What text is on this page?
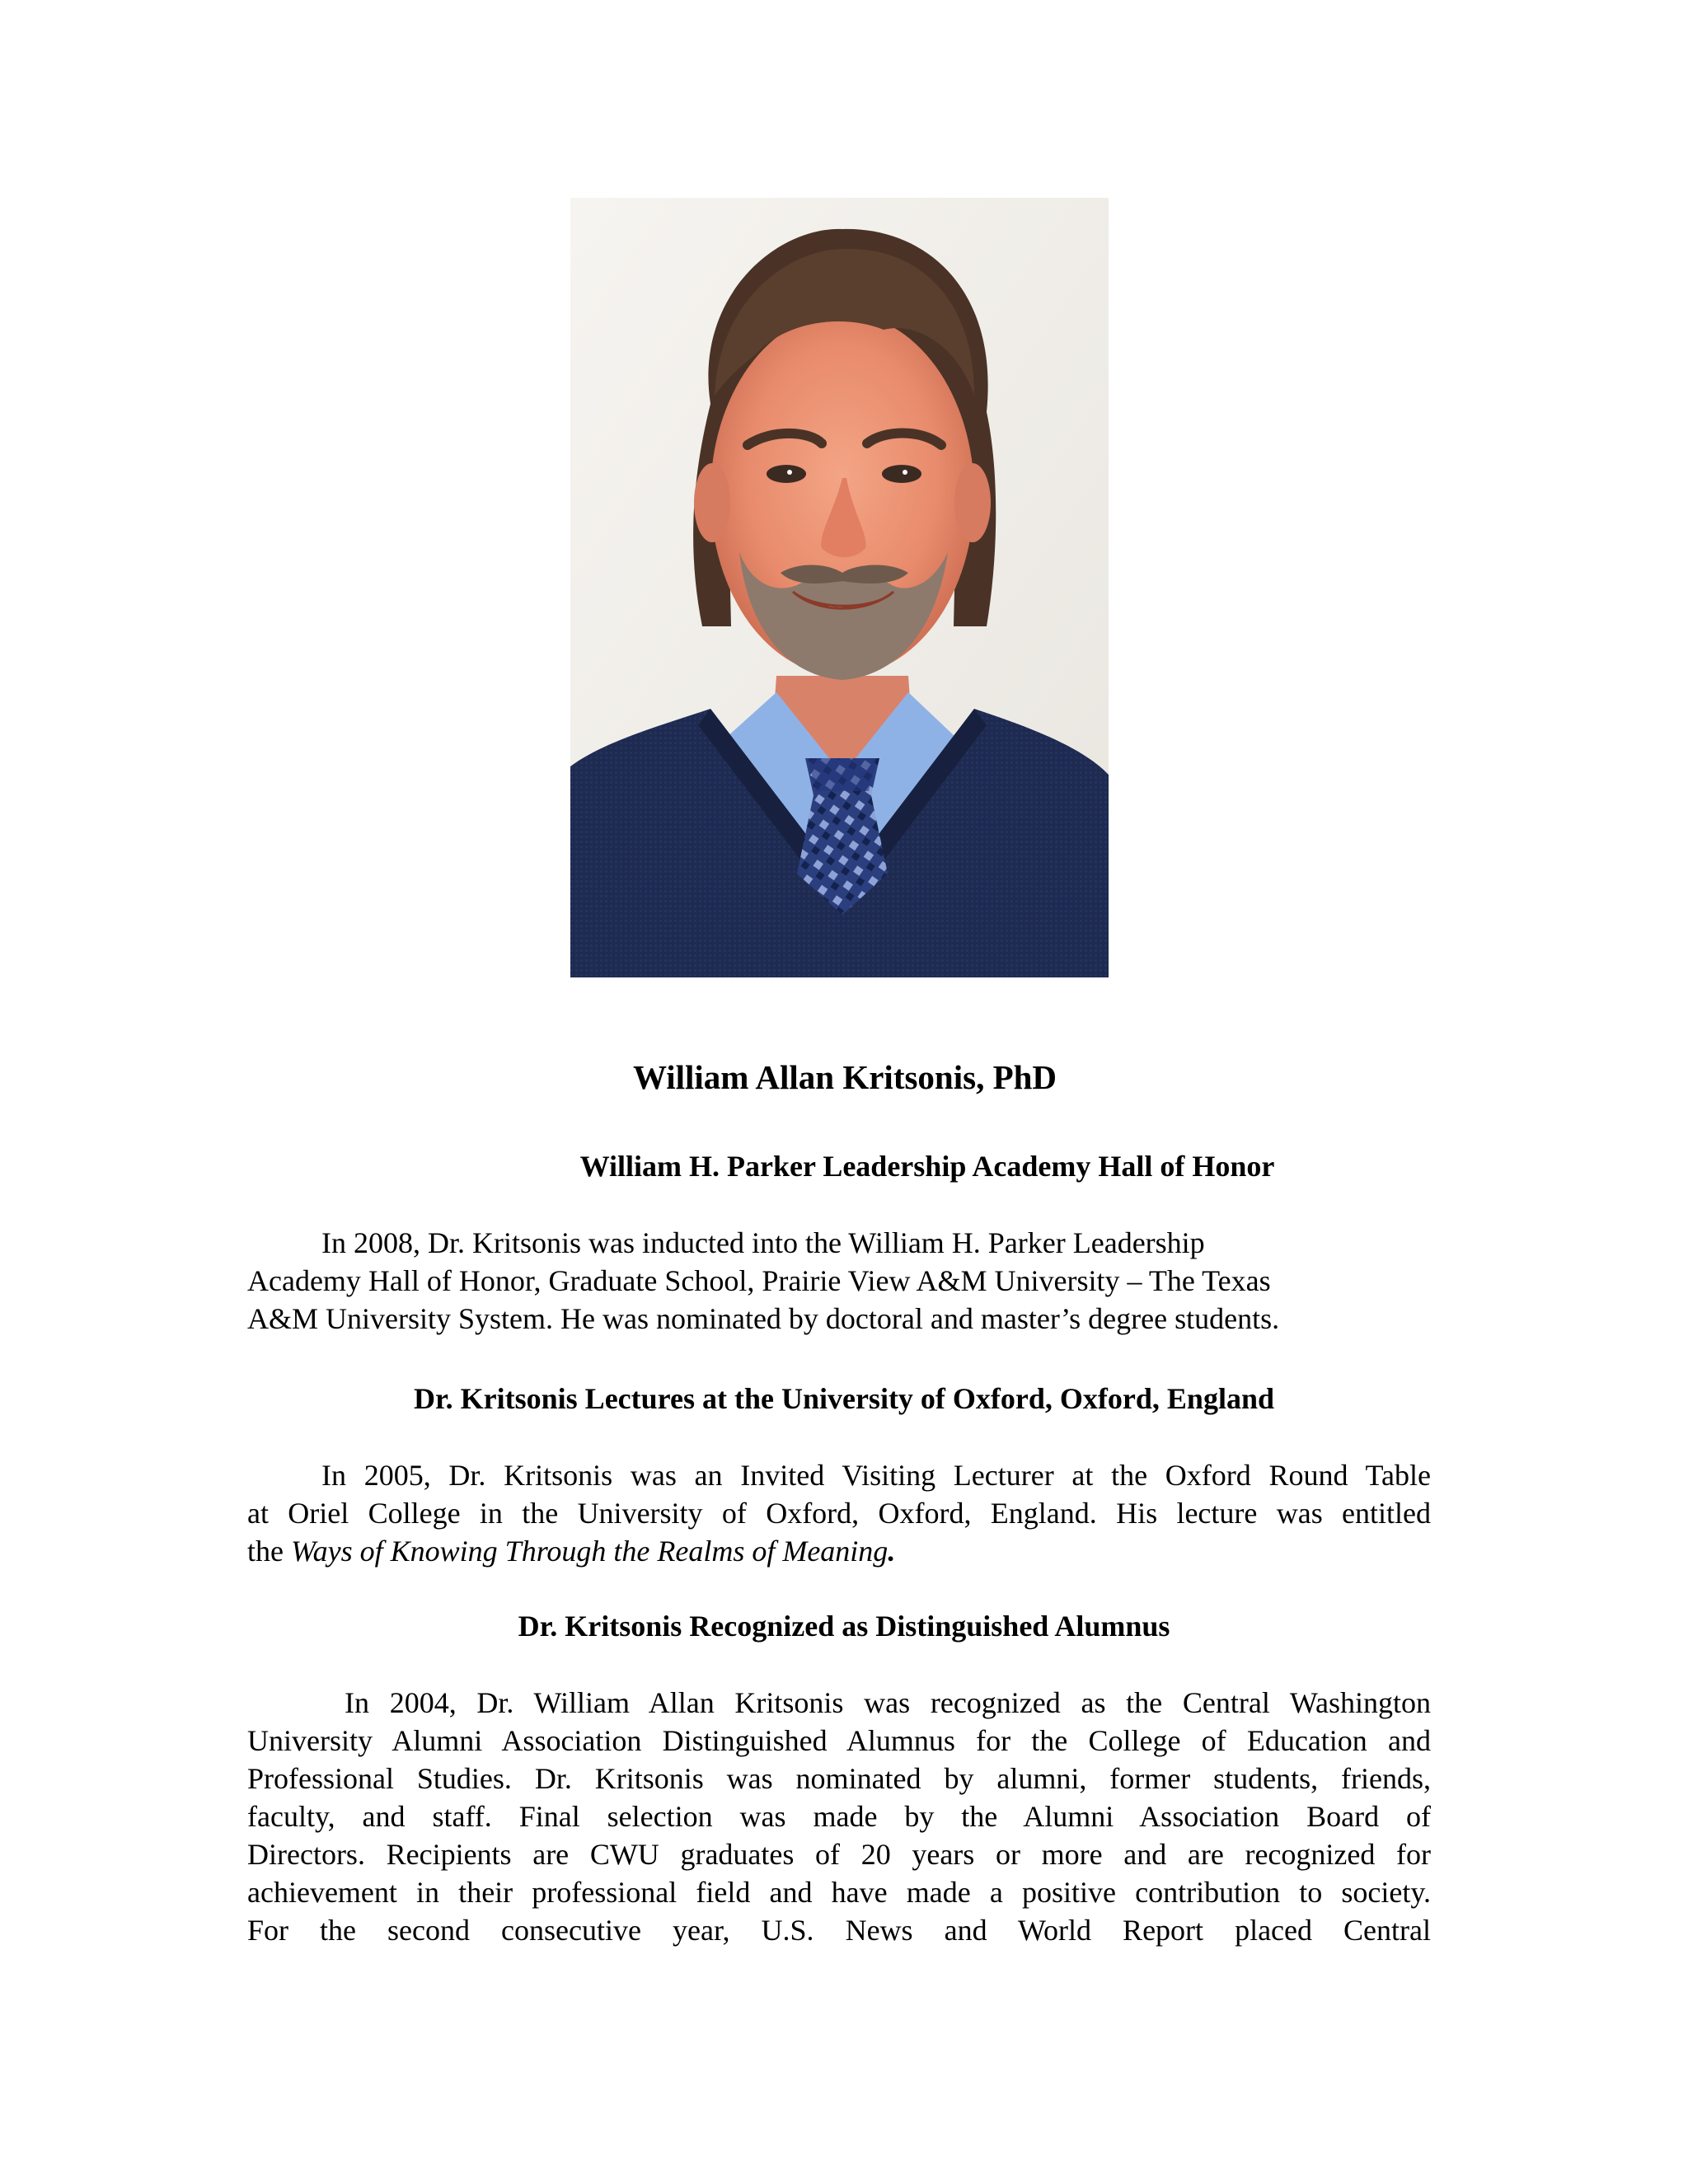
William Allan Kritsonis, PhD
William H. Parker Leadership Academy Hall of Honor
In 2008, Dr. Kritsonis was inducted into the William H. Parker Leadership
Academy Hall of Honor, Graduate School, Prairie View A&M University – The Texas
A&M University System. He was nominated by doctoral and master’s degree students.
Dr. Kritsonis Lectures at the University of Oxford, Oxford, England
In 2005, Dr. Kritsonis was an Invited Visiting Lecturer at the Oxford Round Table
at Oriel College in the University of Oxford, Oxford, England. His lecture was entitled
the Ways of Knowing Through the Realms of Meaning.
Dr. Kritsonis Recognized as Distinguished Alumnus
In 2004, Dr. William Allan Kritsonis was recognized as the Central Washington
University Alumni Association Distinguished Alumnus for the College of Education and
Professional Studies. Dr. Kritsonis was nominated by alumni, former students, friends,
faculty, and staff. Final selection was made by the Alumni Association Board of
Directors. Recipients are CWU graduates of 20 years or more and are recognized for
achievement in their professional field and have made a positive contribution to society.
For the second consecutive year, U.S. News and World Report placed Central
